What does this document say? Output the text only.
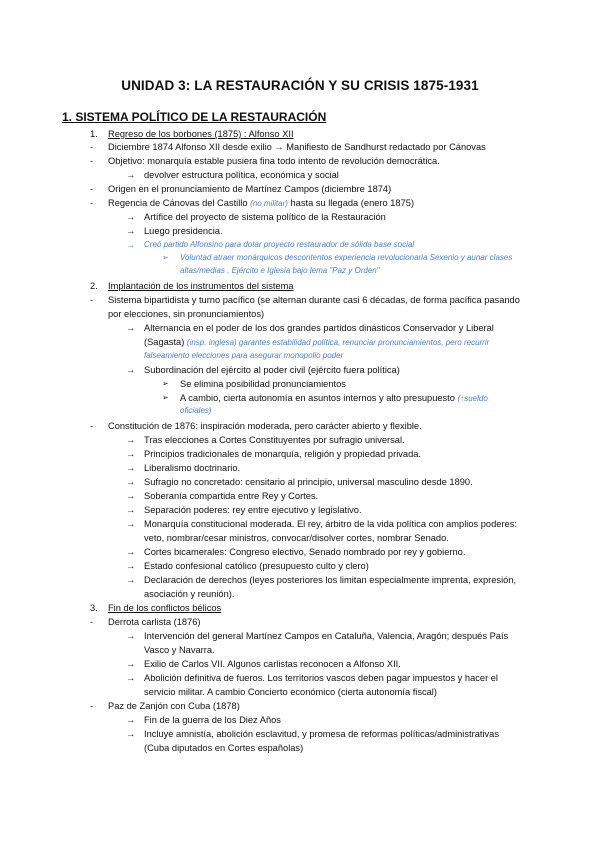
UNIDAD 3: LA RESTAURACIÓN Y SU CRISIS 1875-1931
1. SISTEMA POLÍTICO DE LA RESTAURACIÓN
1. Regreso de los borbones (1875) : Alfonso XII
- Diciembre 1874 Alfonso XII desde exilio → Manifiesto de Sandhurst redactado por Cánovas
- Objetivo: monarquía estable pusiera fina todo intento de revolución democrática.
→ devolver estructura política, económica y social
- Origen en el pronunciamiento de Martínez Campos (diciembre 1874)
- Regencia de Cánovas del Castillo (no militar) hasta su llegada (enero 1875)
→ Artífice del proyecto de sistema político de la Restauración
→ Luego presidencia.
→ Creó partido Alfonsino para dotar proyecto restaurador de sólida base social
➢ Voluntad atraer monárquicos descontentos experiencia revolucionaria Sexenio y aunar clases
altas/medias , Ejército e Iglesia bajo lema "Paz y Orden"
2. Implantación de los instrumentos del sistema
- Sistema bipartidista y turno pacífico (se alternan durante casi 6 décadas, de forma pacífica pasando
por elecciones, sin pronunciamientos)
→ Alternancia en el poder de los dos grandes partidos dinásticos Conservador y Liberal
(Sagasta) (insp. inglesa) garantes estabilidad política, renunciar pronunciamientos, pero recurrir
falseamiento elecciones para asegurar monopolio poder
→ Subordinación del ejército al poder civil (ejército fuera política)
➢ Se elimina posibilidad pronunciamientos
➢ A cambio, cierta autonomía en asuntos internos y alto presupuesto (↑sueldo
oficiales)
- Constitución de 1876: inspiración moderada, pero carácter abierto y flexible.
→ Tras elecciones a Cortes Constituyentes por sufragio universal.
→ Principios tradicionales de monarquía, religión y propiedad privada.
→ Liberalismo doctrinario.
→ Sufragio no concretado: censitario al principio, universal masculino desde 1890.
→ Soberanía compartida entre Rey y Cortes.
→ Separación poderes: rey entre ejecutivo y legislativo.
→ Monarquía constitucional moderada. El rey, árbitro de la vida política con amplios poderes:
veto, nombrar/cesar ministros, convocar/disolver cortes, nombrar Senado.
→ Cortes bicamerales: Congreso electivo, Senado nombrado por rey y gobierno.
→ Estado confesional católico (presupuesto culto y clero)
→ Declaración de derechos (leyes posteriores los limitan especialmente imprenta, expresión,
asociación y reunión).
3. Fin de los conflictos bélicos
- Derrota carlista (1876)
→ Intervención del general Martínez Campos en Cataluña, Valencia, Aragón; después País
Vasco y Navarra.
→ Exilio de Carlos VII. Algunos carlistas reconocen a Alfonso XII.
→ Abolición definitiva de fueros. Los territorios vascos deben pagar impuestos y hacer el
servicio militar. A cambio Concierto económico (cierta autonomía fiscal)
- Paz de Zanjón con Cuba (1878)
→ Fin de la guerra de los Diez Años
→ Incluye amnistía, abolición esclavitud, y promesa de reformas políticas/administrativas
(Cuba diputados en Cortes españolas)
